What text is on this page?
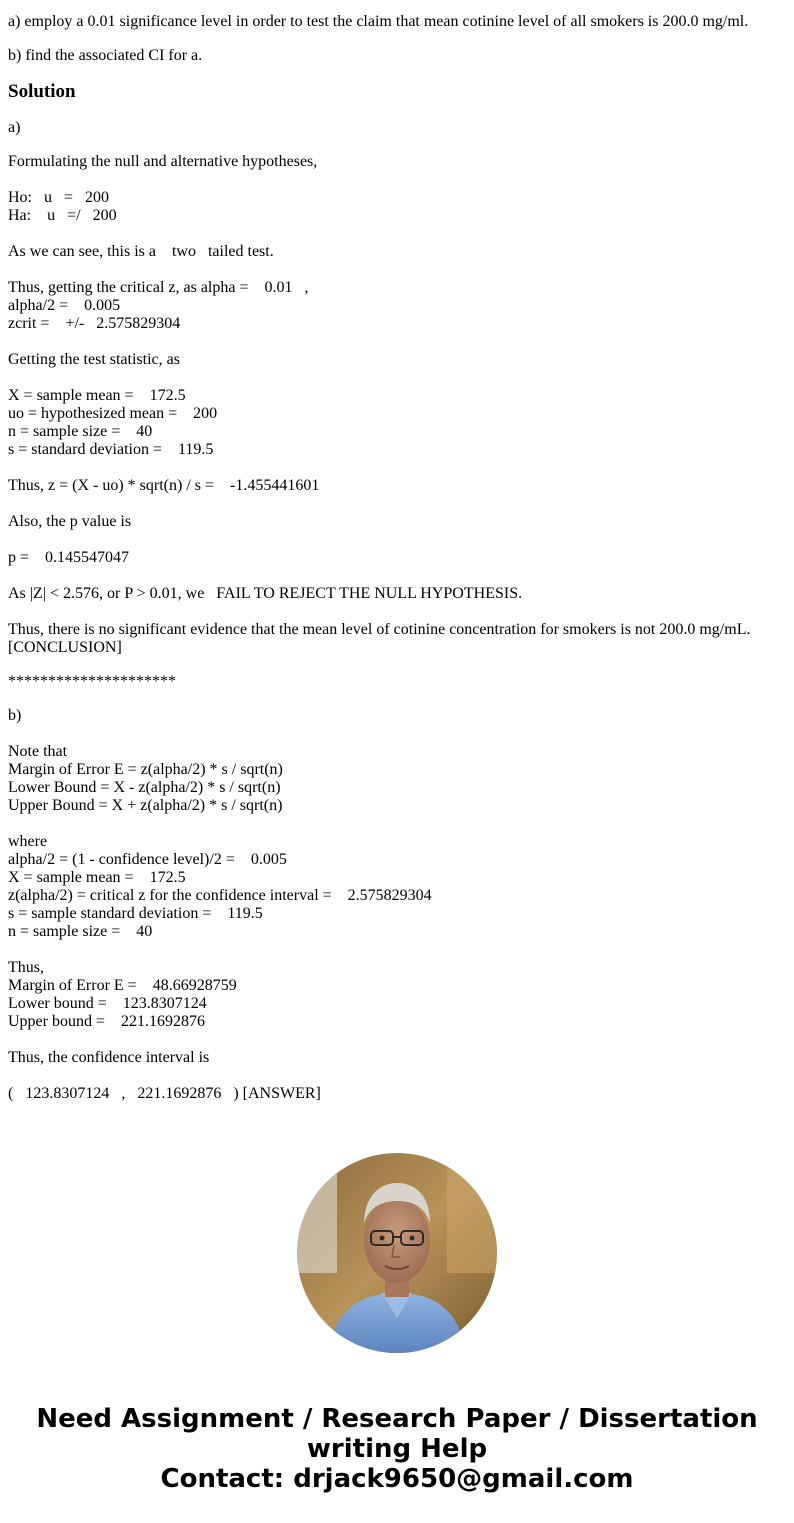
a) employ a 0.01 significance level in order to test the claim that mean cotinine level of all smokers is 200.0 mg/ml.

b) find the associated CI for a.

Solution

a)

Formulating the null and alternative hypotheses,

Ho:   u   =   200
Ha:    u   =/   200

As we can see, this is a    two   tailed test.

Thus, getting the critical z, as alpha =    0.01   ,
alpha/2 =    0.005
zcrit =    +/-   2.575829304

Getting the test statistic, as

X = sample mean =    172.5
uo = hypothesized mean =    200
n = sample size =    40
s = standard deviation =    119.5

Thus, z = (X - uo) * sqrt(n) / s =    -1.455441601

Also, the p value is

p =    0.145547047

As |Z| < 2.576, or P > 0.01, we   FAIL TO REJECT THE NULL HYPOTHESIS.

Thus, there is no significant evidence that the mean level of cotinine concentration for smokers is not 200.0 mg/mL.
[CONCLUSION]

*********************

b)

Note that
Margin of Error E = z(alpha/2) * s / sqrt(n)
Lower Bound = X - z(alpha/2) * s / sqrt(n)
Upper Bound = X + z(alpha/2) * s / sqrt(n)
where
alpha/2 = (1 - confidence level)/2 =    0.005
X = sample mean =    172.5
z(alpha/2) = critical z for the confidence interval =    2.575829304
s = sample standard deviation =    119.5
n = sample size =    40
Thus,
Margin of Error E =    48.66928759
Lower bound =    123.8307124
Upper bound =    221.1692876

Thus, the confidence interval is

(   123.8307124   ,   221.1692876   ) [ANSWER]

Need Assignment / Research Paper / Dissertation
writing Help
Contact: drjack9650@gmail.com
